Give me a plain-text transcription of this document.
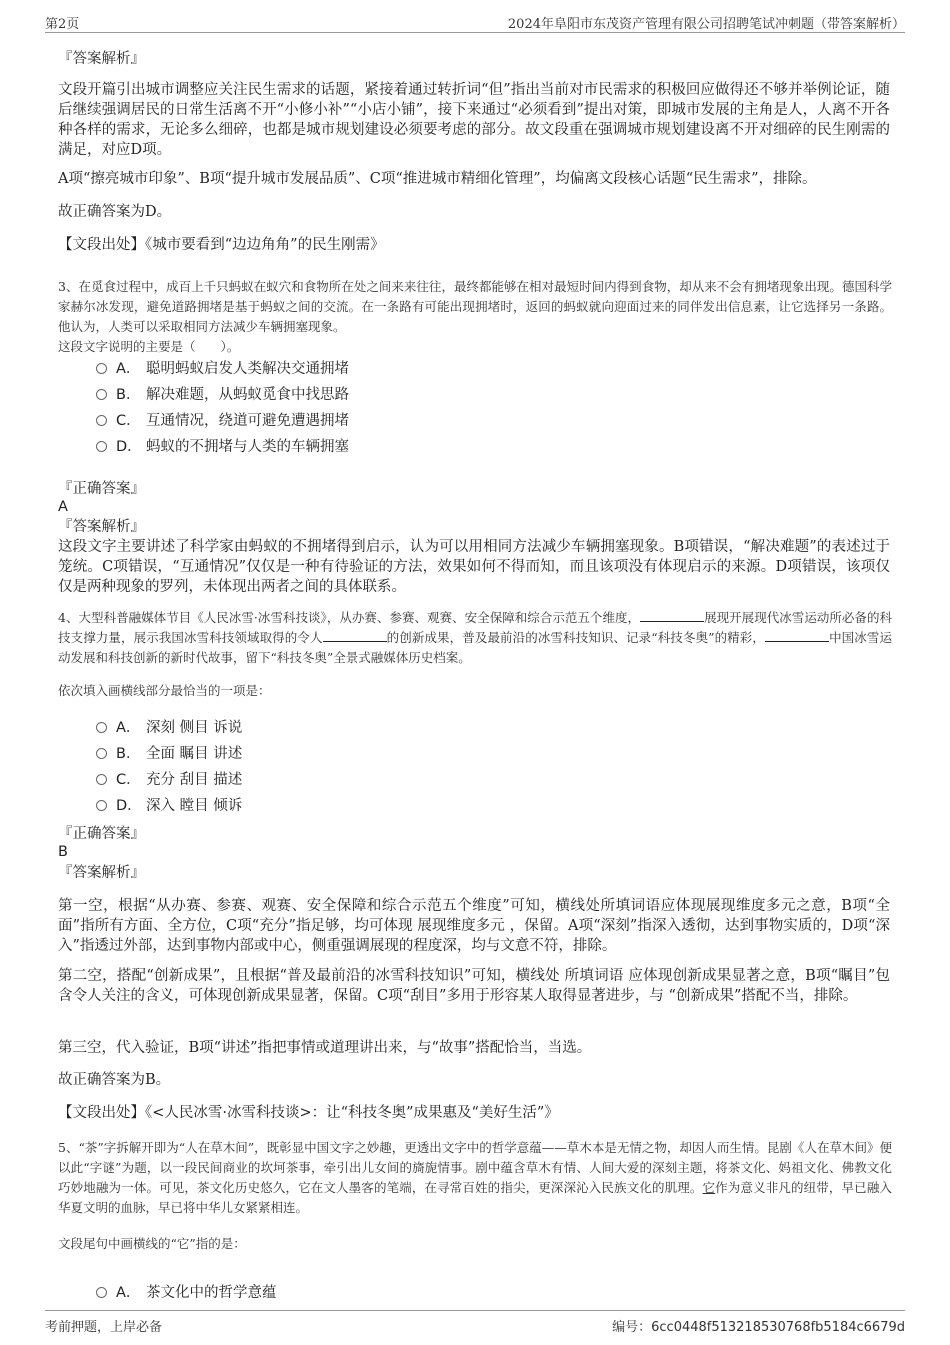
第2页	2024年阜阳市东茂资产管理有限公司招聘笔试冲刺题（带答案解析）
『答案解析』
文段开篇引出城市调整应关注民生需求的话题，紧接着通过转折词“但”指出当前对市民需求的积极回应做得还不够并举例论证，随后继续强调居民的日常生活离不开“小修小补”“小店小铺”，接下来通过“必须看到”提出对策，即城市发展的主角是人，人离不开各种各样的需求，无论多么细碎，也都是城市规划建设必须要考虑的部分。故文段重在强调城市规划建设离不开对细碎的民生刚需的满足，对应D项。
A项“擦亮城市印象”、B项“提升城市发展品质”、C项“推进城市精细化管理”，均偏离文段核心话题“民生需求”，排除。
故正确答案为D。
【文段出处】《城市要看到“边边角角”的民生刚需》
3、在觅食过程中，成百上千只蚂蚁在蚁穴和食物所在处之间来来往往，最终都能够在相对最短时间内得到食物，却从来不会有拥堵现象出现。德国科学家赫尔冰发现，避免道路拥堵是基于蚂蚁之间的交流。在一条路有可能出现拥堵时，返回的蚂蚁就向迎面过来的同伴发出信息素，让它选择另一条路。他认为，人类可以采取相同方法减少车辆拥塞现象。
这段文字说明的主要是（　　）。
A． 聪明蚂蚁启发人类解决交通拥堵
B． 解决难题，从蚂蚁觅食中找思路
C． 互通情况，绕道可避免遭遇拥堵
D． 蚂蚁的不拥堵与人类的车辆拥塞
『正确答案』
A
『答案解析』
这段文字主要讲述了科学家由蚂蚁的不拥堵得到启示，认为可以用相同方法减少车辆拥塞现象。B项错误，“解决难题”的表述过于笼统。C项错误，“互通情况”仅仅是一种有待验证的方法，效果如何不得而知，而且该项没有体现启示的来源。D项错误，该项仅仅是两种现象的罗列，未体现出两者之间的具体联系。
4、大型科普融媒体节目《人民冰雪·冰雪科技谈》，从办赛、参赛、观赛、安全保障和综合示范五个维度，	展现开展现代冰雪运动所必备的科技支撑力量，展示我国冰雪科技领域取得的令人	的创新成果，普及最前沿的冰雪科技知识、记录“科技冬奥”的精彩，	中国冰雪运动发展和科技创新的新时代故事，留下“科技冬奥”全景式融媒体历史档案。
依次填入画横线部分最恰当的一项是：
A． 深刻 侧目 诉说
B． 全面 瞩目 讲述
C． 充分 刮目 描述
D． 深入 瞠目 倾诉
『正确答案』
B
『答案解析』
第一空，根据“从办赛、参赛、观赛、安全保障和综合示范五个维度”可知，横线处所填词语应体现展现维度多元之意，B项“全面”指所有方面、全方位，C项“充分”指足够，均可体现 展现维度多元 ，保留。A项“深刻”指深入透彻，达到事物实质的，D项“深入”指透过外部，达到事物内部或中心，侧重强调展现的程度深，均与文意不符，排除。
第二空，搭配“创新成果”，且根据“普及最前沿的冰雪科技知识”可知，横线处 所填词语 应体现创新成果显著之意，B项“瞩目”包含令人关注的含义，可体现创新成果显著，保留。C项“刮目”多用于形容某人取得显著进步，与 “创新成果”搭配不当，排除。
第三空，代入验证，B项“讲述”指把事情或道理讲出来，与“故事”搭配恰当，当选。
故正确答案为B。
【文段出处】《<人民冰雪·冰雪科技谈>：让“科技冬奥”成果惠及“美好生活”》
5、“茶”字拆解开即为“人在草木间”，既彰显中国文字之妙趣，更透出文字中的哲学意蕴——草木本是无情之物，却因人而生情。昆剧《人在草木间》便以此“字谜”为题，以一段民间商业的坎坷茶事，牵引出儿女间的旖旎情事。剧中蕴含草木有情、人间大爱的深刻主题，将茶文化、妈祖文化、佛教文化巧妙地融为一体。可见，茶文化历史悠久，它在文人墨客的笔端，在寻常百姓的指尖，更深深沁入民族文化的肌理。它作为意义非凡的纽带，早已融入华夏文明的血脉，早已将中华儿女紧紧相连。
文段尾句中画横线的“它”指的是：
A． 茶文化中的哲学意蕴
考前押题，上岸必备	编号：6cc0448f513218530768fb5184c6679d
